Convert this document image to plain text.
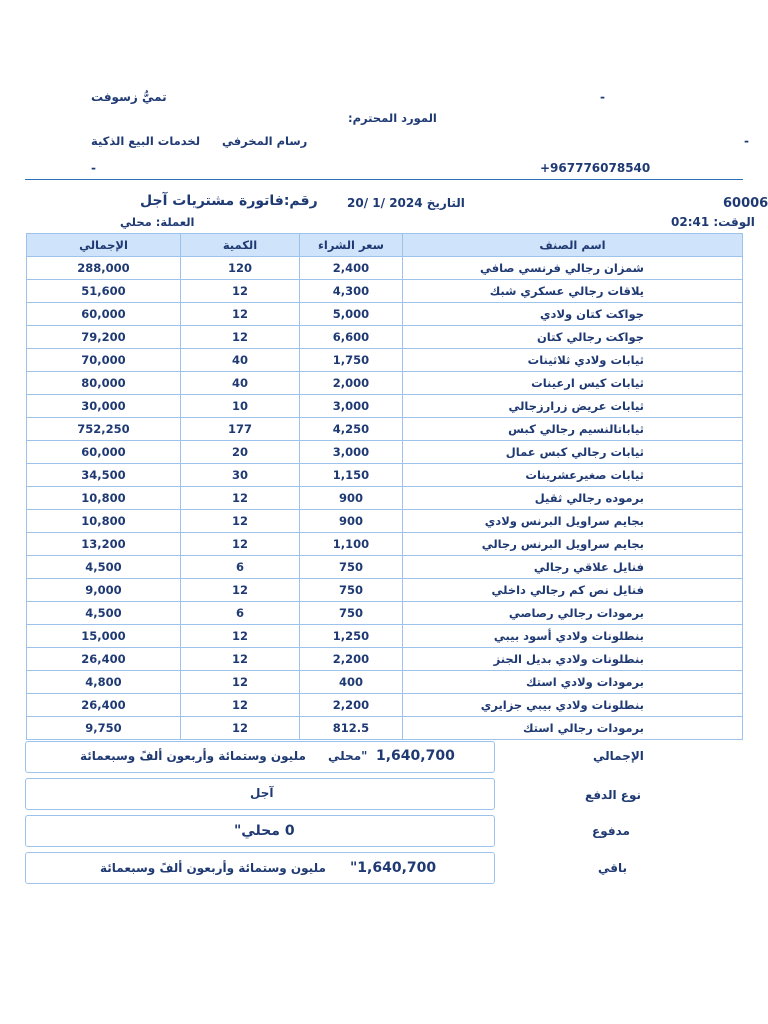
تميُّ زسوفت	-
المورد المحترم:
لخدمات البيع الذكية رسام المخرفي	-
-	+967776078540
60006
التاريخ 2024 /1 /20
رقم:فاتورة مشتريات آجل
الوقت: 02:41
العملة: محلي
الإجمالي	الكمية	سعر الشراء	اسم الصنف
288,000	120	2,400	شمزان رجالي فرنسي صافي
51,600	12	4,300	يلاقات رجالي عسكري شبك
60,000	12	5,000	جواكت كتان ولادي
79,200	12	6,600	جواكت رجالي كتان
70,000	40	1,750	ثيابات ولادي ثلاثينات
80,000	40	2,000	ثيابات كيس ارعينات
30,000	10	3,000	ثيابات عريض زرارزجالي
752,250	177	4,250	ثياباتالنسيم رجالي كبس
60,000	20	3,000	ثيابات رجالي كبس عمال
34,500	30	1,150	ثيابات صغيرعشرينات
10,800	12	900	برموده رجالي ثقيل
10,800	12	900	بجايم سراويل البرنس ولادي
13,200	12	1,100	بجايم سراويل البرنس رجالي
4,500	6	750	فنايل علاقي رجالي
9,000	12	750	فنايل نص كم رجالي داخلي
4,500	6	750	برمودات رجالي رصاصي
15,000	12	1,250	بنطلونات ولادي أسود بيبي
26,400	12	2,200	بنطلونات ولادي بديل الجنز
4,800	12	400	برمودات ولادي استك
26,400	12	2,200	بنطلونات ولادي بيبي جزايري
9,750	12	812.5	برمودات رجالي استك
الإجمالي
مليون وستمائة وأربعون ألفً وسبعمائة محلي" 1,640,700
نوع الدفع
آجل
مدفوع
0 محلي"
باقي
مليون وستمائة وأربعون ألفً وسبعمائة "1,640,700
